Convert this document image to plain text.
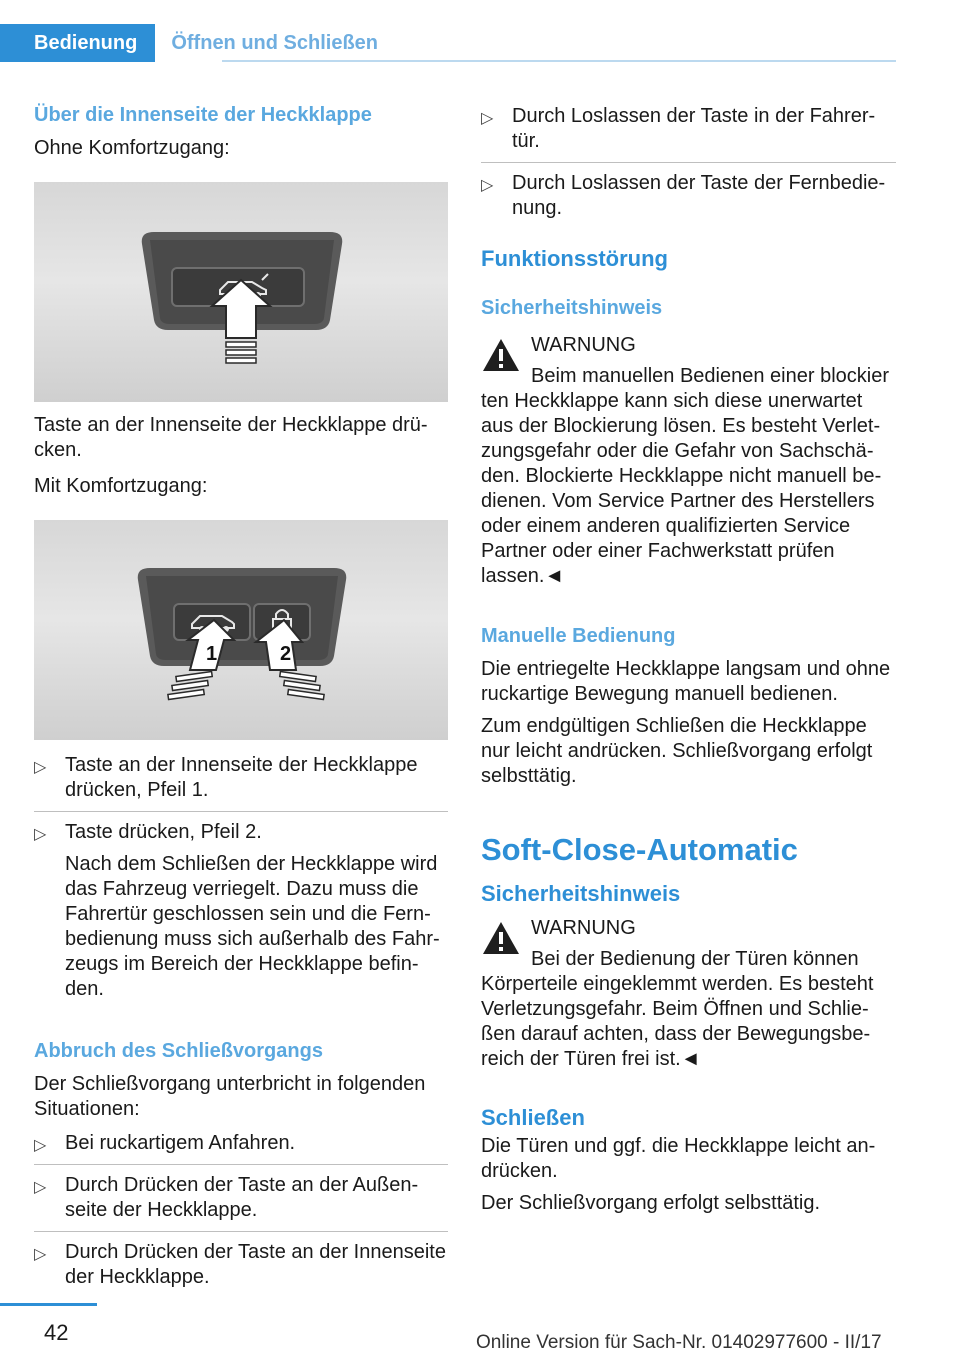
Bedienung	Öffnen und Schließen
Über die Innenseite der Heckklappe

Ohne Komfortzugang:

Taste an der Innenseite der Heckklappe drücken.

Mit Komfortzugang:

1	2
▷ Taste an der Innenseite der Heckklappe drücken, Pfeil 1.
▷ Taste drücken, Pfeil 2.

Nach dem Schließen der Heckklappe wird das Fahrzeug verriegelt. Dazu muss die Fahrertür geschlossen sein und die Fernbedienung muss sich außerhalb des Fahrzeugs im Bereich der Heckklappe befinden.

Abbruch des Schließvorgangs

Der Schließvorgang unterbricht in folgenden Situationen:

▷ Bei ruckartigem Anfahren.
▷ Durch Drücken der Taste an der Außenseite der Heckklappe.
▷ Durch Drücken der Taste an der Innenseite der Heckklappe.
▷ Durch Loslassen der Taste in der Fahrertür.
▷ Durch Loslassen der Taste der Fernbedienung.
Funktionsstörung
Sicherheitshinweis
WARNUNG
Beim manuellen Bedienen einer blockier

ten Heckklappe kann sich diese unerwartet aus der Blockierung lösen. Es besteht Verletzungsgefahr oder die Gefahr von Sachschäden. Blockierte Heckklappe nicht manuell bedienen. Vom Service Partner des Herstellers oder einem anderen qualifizierten Service Partner oder einer Fachwerkstatt prüfen lassen.◄

Manuelle Bedienung

Die entriegelte Heckklappe langsam und ohne ruckartige Bewegung manuell bedienen.

Zum endgültigen Schließen die Heckklappe nur leicht andrücken. Schließvorgang erfolgt selbsttätig.

Soft-Close-Automatic
Sicherheitshinweis
WARNUNG
Bei der Bedienung der Türen können

Körperteile eingeklemmt werden. Es besteht Verletzungsgefahr. Beim Öffnen und Schließen darauf achten, dass der Bewegungsbereich der Türen frei ist.◄

Schließen

Die Türen und ggf. die Heckklappe leicht andrücken.

Der Schließvorgang erfolgt selbsttätig.

42	Online Version für Sach-Nr. 01402977600 - II/17
